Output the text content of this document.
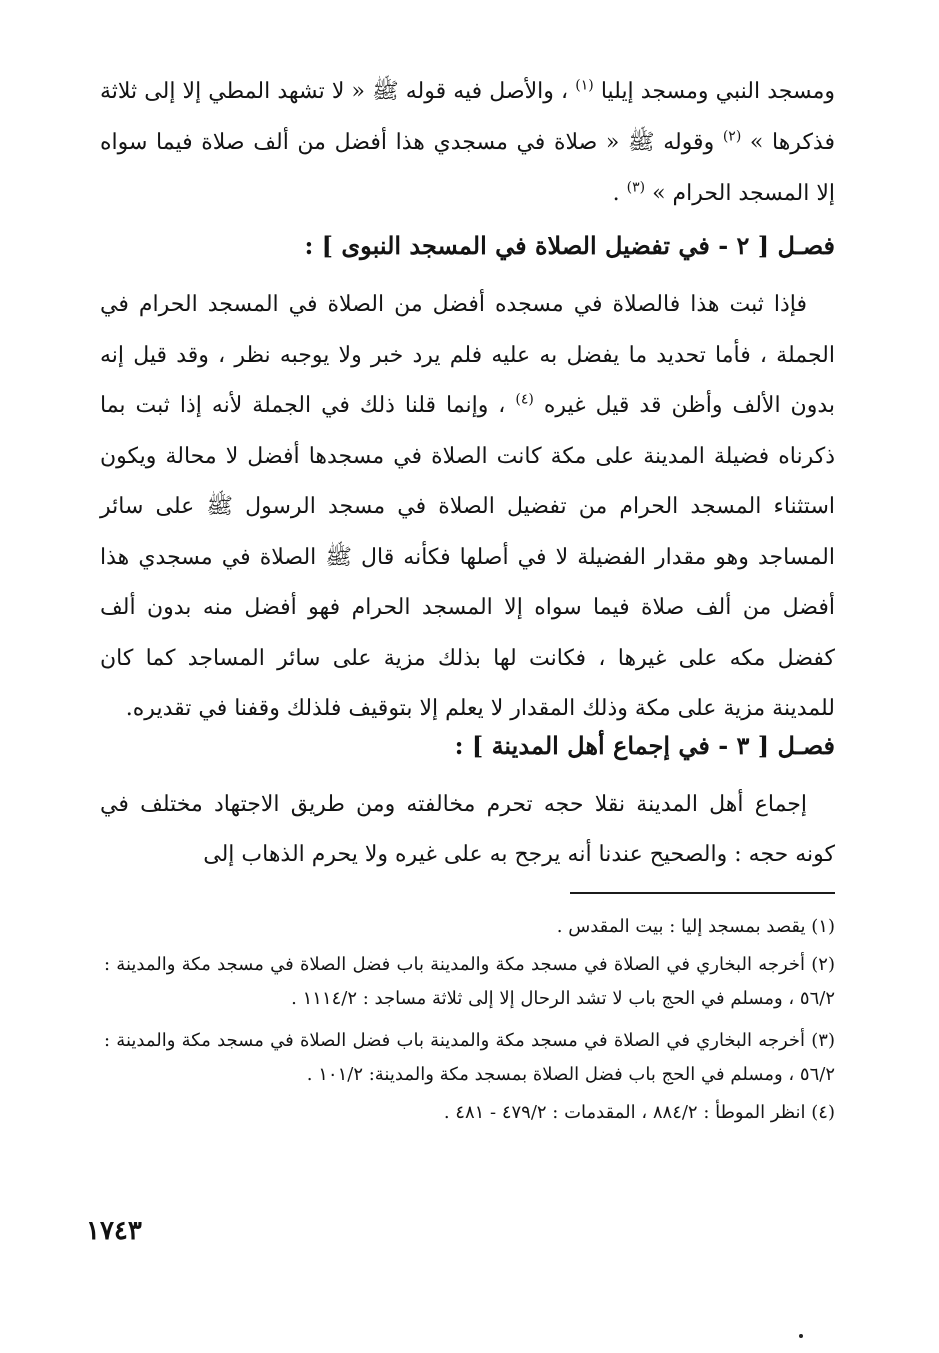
ومسجد النبي ومسجد إيليا $^{(١)}$ ، والأصل فيه قوله ﷺ « لا تشهد المطي إلا إلى ثلاثة فذكرها » $^{(٢)}$ وقوله ﷺ « صلاة في مسجدي هذا أفضل من ألف صلاة فيما سواه إلا المسجد الحرام » $^{(٣)}$ .
فصـل [ ٢ - في تفضيل الصلاة في المسجد النبوى ] :
فإذا ثبت هذا فالصلاة في مسجده أفضل من الصلاة في المسجد الحرام في الجملة ، فأما تحديد ما يفضل به عليه فلم يرد خبر ولا يوجبه نظر ، وقد قيل إنه بدون الألف وأظن قد قيل غيره $^{(٤)}$ ، وإنما قلنا ذلك في الجملة لأنه إذا ثبت بما ذكرناه فضيلة المدينة على مكة كانت الصلاة في مسجدها أفضل لا محالة ويكون استثناء المسجد الحرام من تفضيل الصلاة في مسجد الرسول ﷺ على سائر المساجد وهو مقدار الفضيلة لا في أصلها فكأنه قال ﷺ الصلاة في مسجدي هذا أفضل من ألف صلاة فيما سواه إلا المسجد الحرام فهو أفضل منه بدون ألف كفضل مكه على غيرها ، فكانت لها بذلك مزية على سائر المساجد كما كان للمدينة مزية على مكة وذلك المقدار لا يعلم إلا بتوقيف فلذلك وقفنا في تقديره.
فصـل [ ٣ - في إجماع أهل المدينة ] :
إجماع أهل المدينة نقلا حجه تحرم مخالفته ومن طريق الاجتهاد مختلف في كونه حجه : والصحيح عندنا أنه يرجح به على غيره ولا يحرم الذهاب إلى

(١) يقصد بمسجد إليا : بيت المقدس .

(٢) أخرجه البخاري في الصلاة في مسجد مكة والمدينة باب فضل الصلاة في مسجد مكة والمدينة : ٥٦/٢ ، ومسلم في الحج باب لا تشد الرحال إلا إلى ثلاثة مساجد : ١١١٤/٢ .

(٣) أخرجه البخاري في الصلاة في مسجد مكة والمدينة باب فضل الصلاة في مسجد مكة والمدينة : ٥٦/٢ ، ومسلم في الحج باب فضل الصلاة بمسجد مكة والمدينة: ١٠١/٢ .

(٤) انظر الموطأ : ٨٨٤/٢ ، المقدمات : ٤٧٩/٢ - ٤٨١ .

١٧٤٣
